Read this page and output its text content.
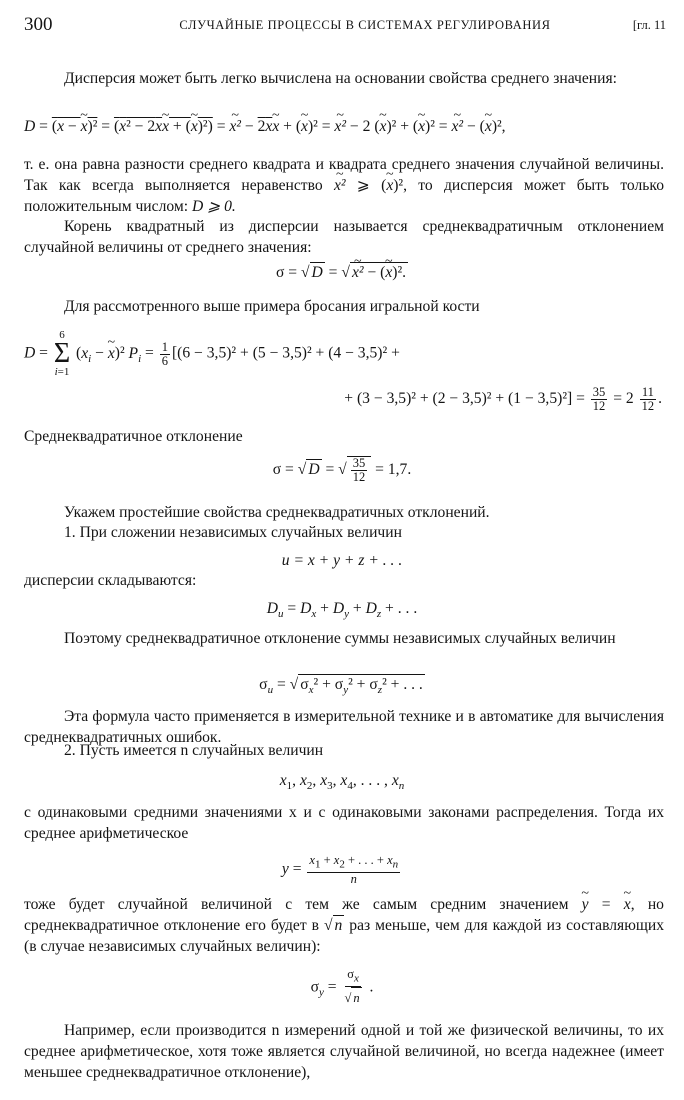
300	СЛУЧАЙНЫЕ ПРОЦЕССЫ В СИСТЕМАХ РЕГУЛИРОВАНИЯ	[гл. 11
Дисперсия может быть легко вычислена на основании свойства среднего значения:
D = (x − ~ x)² = (x² − 2x~ x + (~ x)²) = ~ x² − 2x~ x + (~ x)² = ~ x² − 2 (~ x)² + (~ x)² = ~ x² − (~ x)²,
т. е. она равна разности среднего квадрата и квадрата среднего значения случайной величины. Так как всегда выполняется неравенство ~ x² ⩾ (~ x)², то дисперсия может быть только положительным числом: D ⩾ 0.
Корень квадратный из дисперсии называется среднеквадратичным отклонением случайной величины от среднего значения:
σ = √ D = √ ~ x² − (~ x)².
Для рассмотренного выше примера бросания игральной кости
D =
6
Σ
i=1
($x_i$ − ~ x)² $P_i = \frac{1}{6} [(6 - 3,5)^2 + (5 - 3,5)^2 + (4 - 3,5)^2$ +
+ $(3 - 3,5)^2 + (2 - 3,5)^2 + (1 - 3,5)^2] = \frac{35}{12} = 2 \frac{11}{12}$ .
Среднеквадратичное отклонение
σ = √ D = √ $\frac{35}{12} = 1,7$.
Укажем простейшие свойства среднеквадратичных отклонений.
1. При сложении независимых случайных величин
u = x + y + z + . . .
дисперсии складываются:
$D_u = D_x + D_y + D_z$ + . . .
Поэтому среднеквадратичное отклонение суммы независимых случайных величин
$\sigma_u$ = √ $\sigma_x^2 + \sigma_y^2 + \sigma_z^2$ + . . .
Эта формула часто применяется в измерительной технике и в автоматике для вычисления среднеквадратичных ошибок.
2. Пусть имеется n случайных величин
$x_1$, $x_2$, $x_3$, $x_4$, . . . , $x_n$
с одинаковыми средними значениями x и с одинаковыми законами распределения. Тогда их среднее арифметическое
$y = \frac{x_1 + x_2 + . . . + x_n}{n}$
тоже будет случайной величиной с тем же самым средним значением ~ y = ~ x, но среднеквадратичное отклонение его будет в √ n раз меньше, чем для каждой из составляющих (в случае независимых случайных величин):
$\sigma_y = \frac{\sigma_x}{√ n}$ .
Например, если производится n измерений одной и той же физической величины, то их среднее арифметическое, хотя тоже является случайной величиной, но всегда надежнее (имеет меньшее среднеквадратичное отклонение),
